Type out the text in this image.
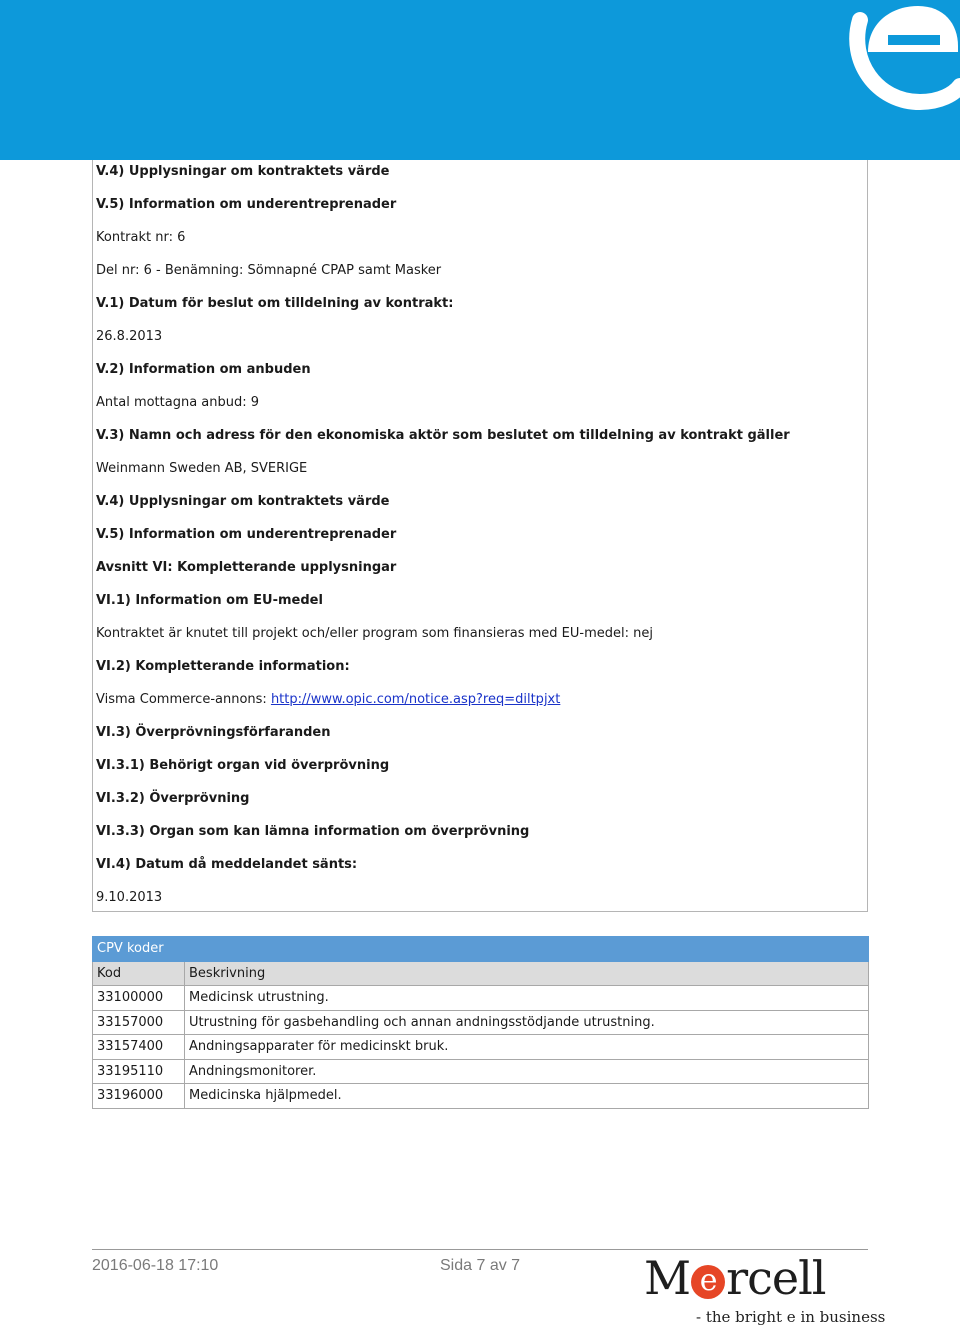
V.4) Upplysningar om kontraktets värde
V.5) Information om underentreprenader
Kontrakt nr: 6
Del nr: 6 - Benämning: Sömnapné CPAP samt Masker
V.1) Datum för beslut om tilldelning av kontrakt:
26.8.2013
V.2) Information om anbuden
Antal mottagna anbud: 9
V.3) Namn och adress för den ekonomiska aktör som beslutet om tilldelning av kontrakt gäller
Weinmann Sweden AB, SVERIGE
V.4) Upplysningar om kontraktets värde
V.5) Information om underentreprenader
Avsnitt VI: Kompletterande upplysningar
VI.1) Information om EU-medel
Kontraktet är knutet till projekt och/eller program som finansieras med EU-medel: nej
VI.2) Kompletterande information:
Visma Commerce-annons: http://www.opic.com/notice.asp?req=diltpjxt
VI.3) Överprövningsförfaranden
VI.3.1) Behörigt organ vid överprövning
VI.3.2) Överprövning
VI.3.3) Organ som kan lämna information om överprövning
VI.4) Datum då meddelandet sänts:
9.10.2013
CPV koder	
Kod	Beskrivning
33100000	Medicinsk utrustning.
33157000	Utrustning för gasbehandling och annan andningsstödjande utrustning.
33157400	Andningsapparater för medicinskt bruk.
33195110	Andningsmonitorer.
33196000	Medicinska hjälpmedel.
2016-06-18 17:10	Sida 7 av 7	M e rcell
- the bright e in business
